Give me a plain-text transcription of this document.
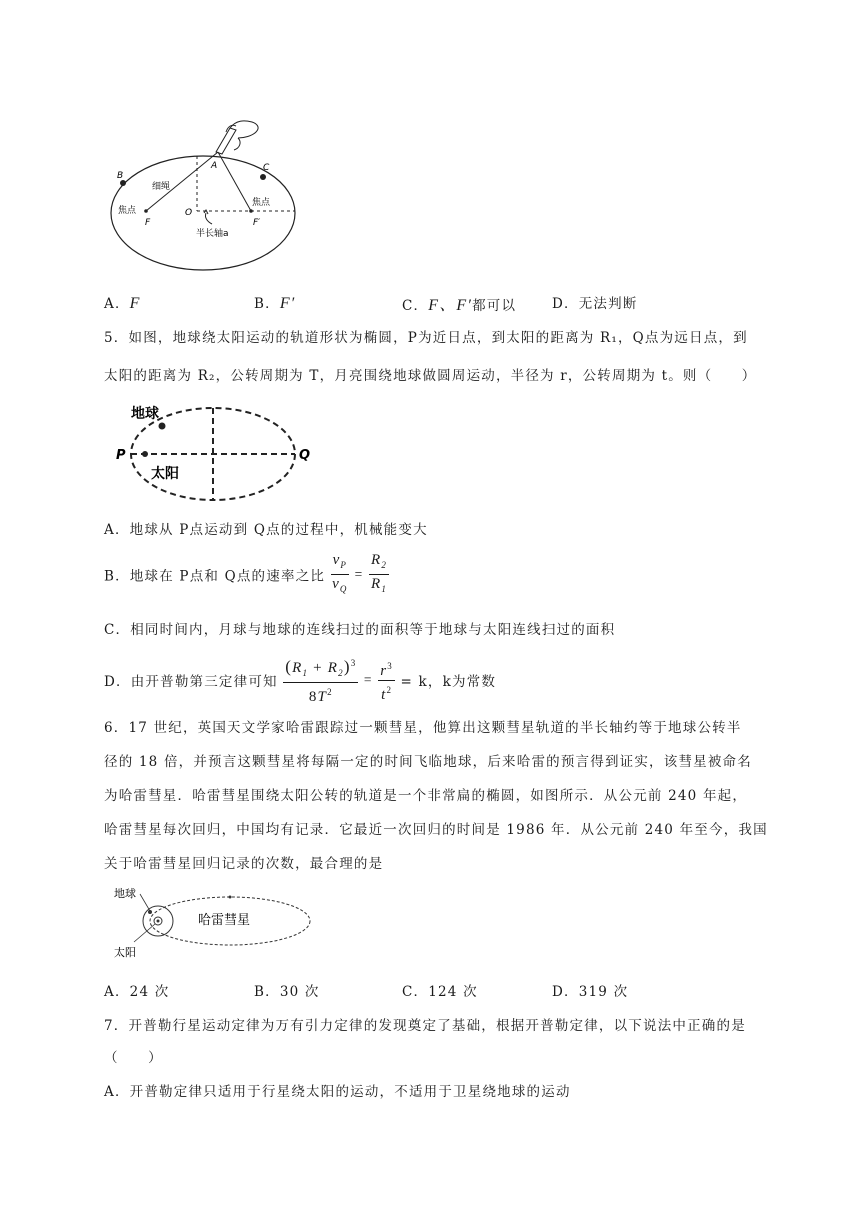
A
B
C
O
F	F′
细绳
焦点
焦点
半长轴a
A．F	B．F′	C．F、F′都可以	D．无法判断
5．如图，地球绕太阳运动的轨道形状为椭圆，P为近日点，到太阳的距离为 R₁，Q点为远日点，到
太阳的距离为 R₂，公转周期为 T，月亮围绕地球做圆周运动，半径为 r，公转周期为 t。则（　　）
地球
太阳
P	Q
A．地球从 P点运动到 Q点的过程中，机械能变大
B．地球在 P点和 Q点的速率之比 $\frac{v_P}{v_Q} = \frac{R_2}{R_1}$
C．相同时间内，月球与地球的连线扫过的面积等于地球与太阳连线扫过的面积
D．由开普勒第三定律可知 $\frac{(R_1 + R_2)^3}{8T^2} = \frac{r^3}{t^2} = k$，k为常数
6．17 世纪，英国天文学家哈雷跟踪过一颗彗星，他算出这颗彗星轨道的半长轴约等于地球公转半
径的 18 倍，并预言这颗彗星将每隔一定的时间飞临地球，后来哈雷的预言得到证实，该彗星被命名
为哈雷彗星．哈雷彗星围绕太阳公转的轨道是一个非常扁的椭圆，如图所示．从公元前 240 年起，
哈雷彗星每次回归，中国均有记录．它最近一次回归的时间是 1986 年．从公元前 240 年至今，我国
关于哈雷彗星回归记录的次数，最合理的是
地球
太阳
哈雷彗星
A．24 次	B．30 次	C．124 次	D．319 次
7．开普勒行星运动定律为万有引力定律的发现奠定了基础，根据开普勒定律，以下说法中正确的是
（　　）
A．开普勒定律只适用于行星绕太阳的运动，不适用于卫星绕地球的运动
